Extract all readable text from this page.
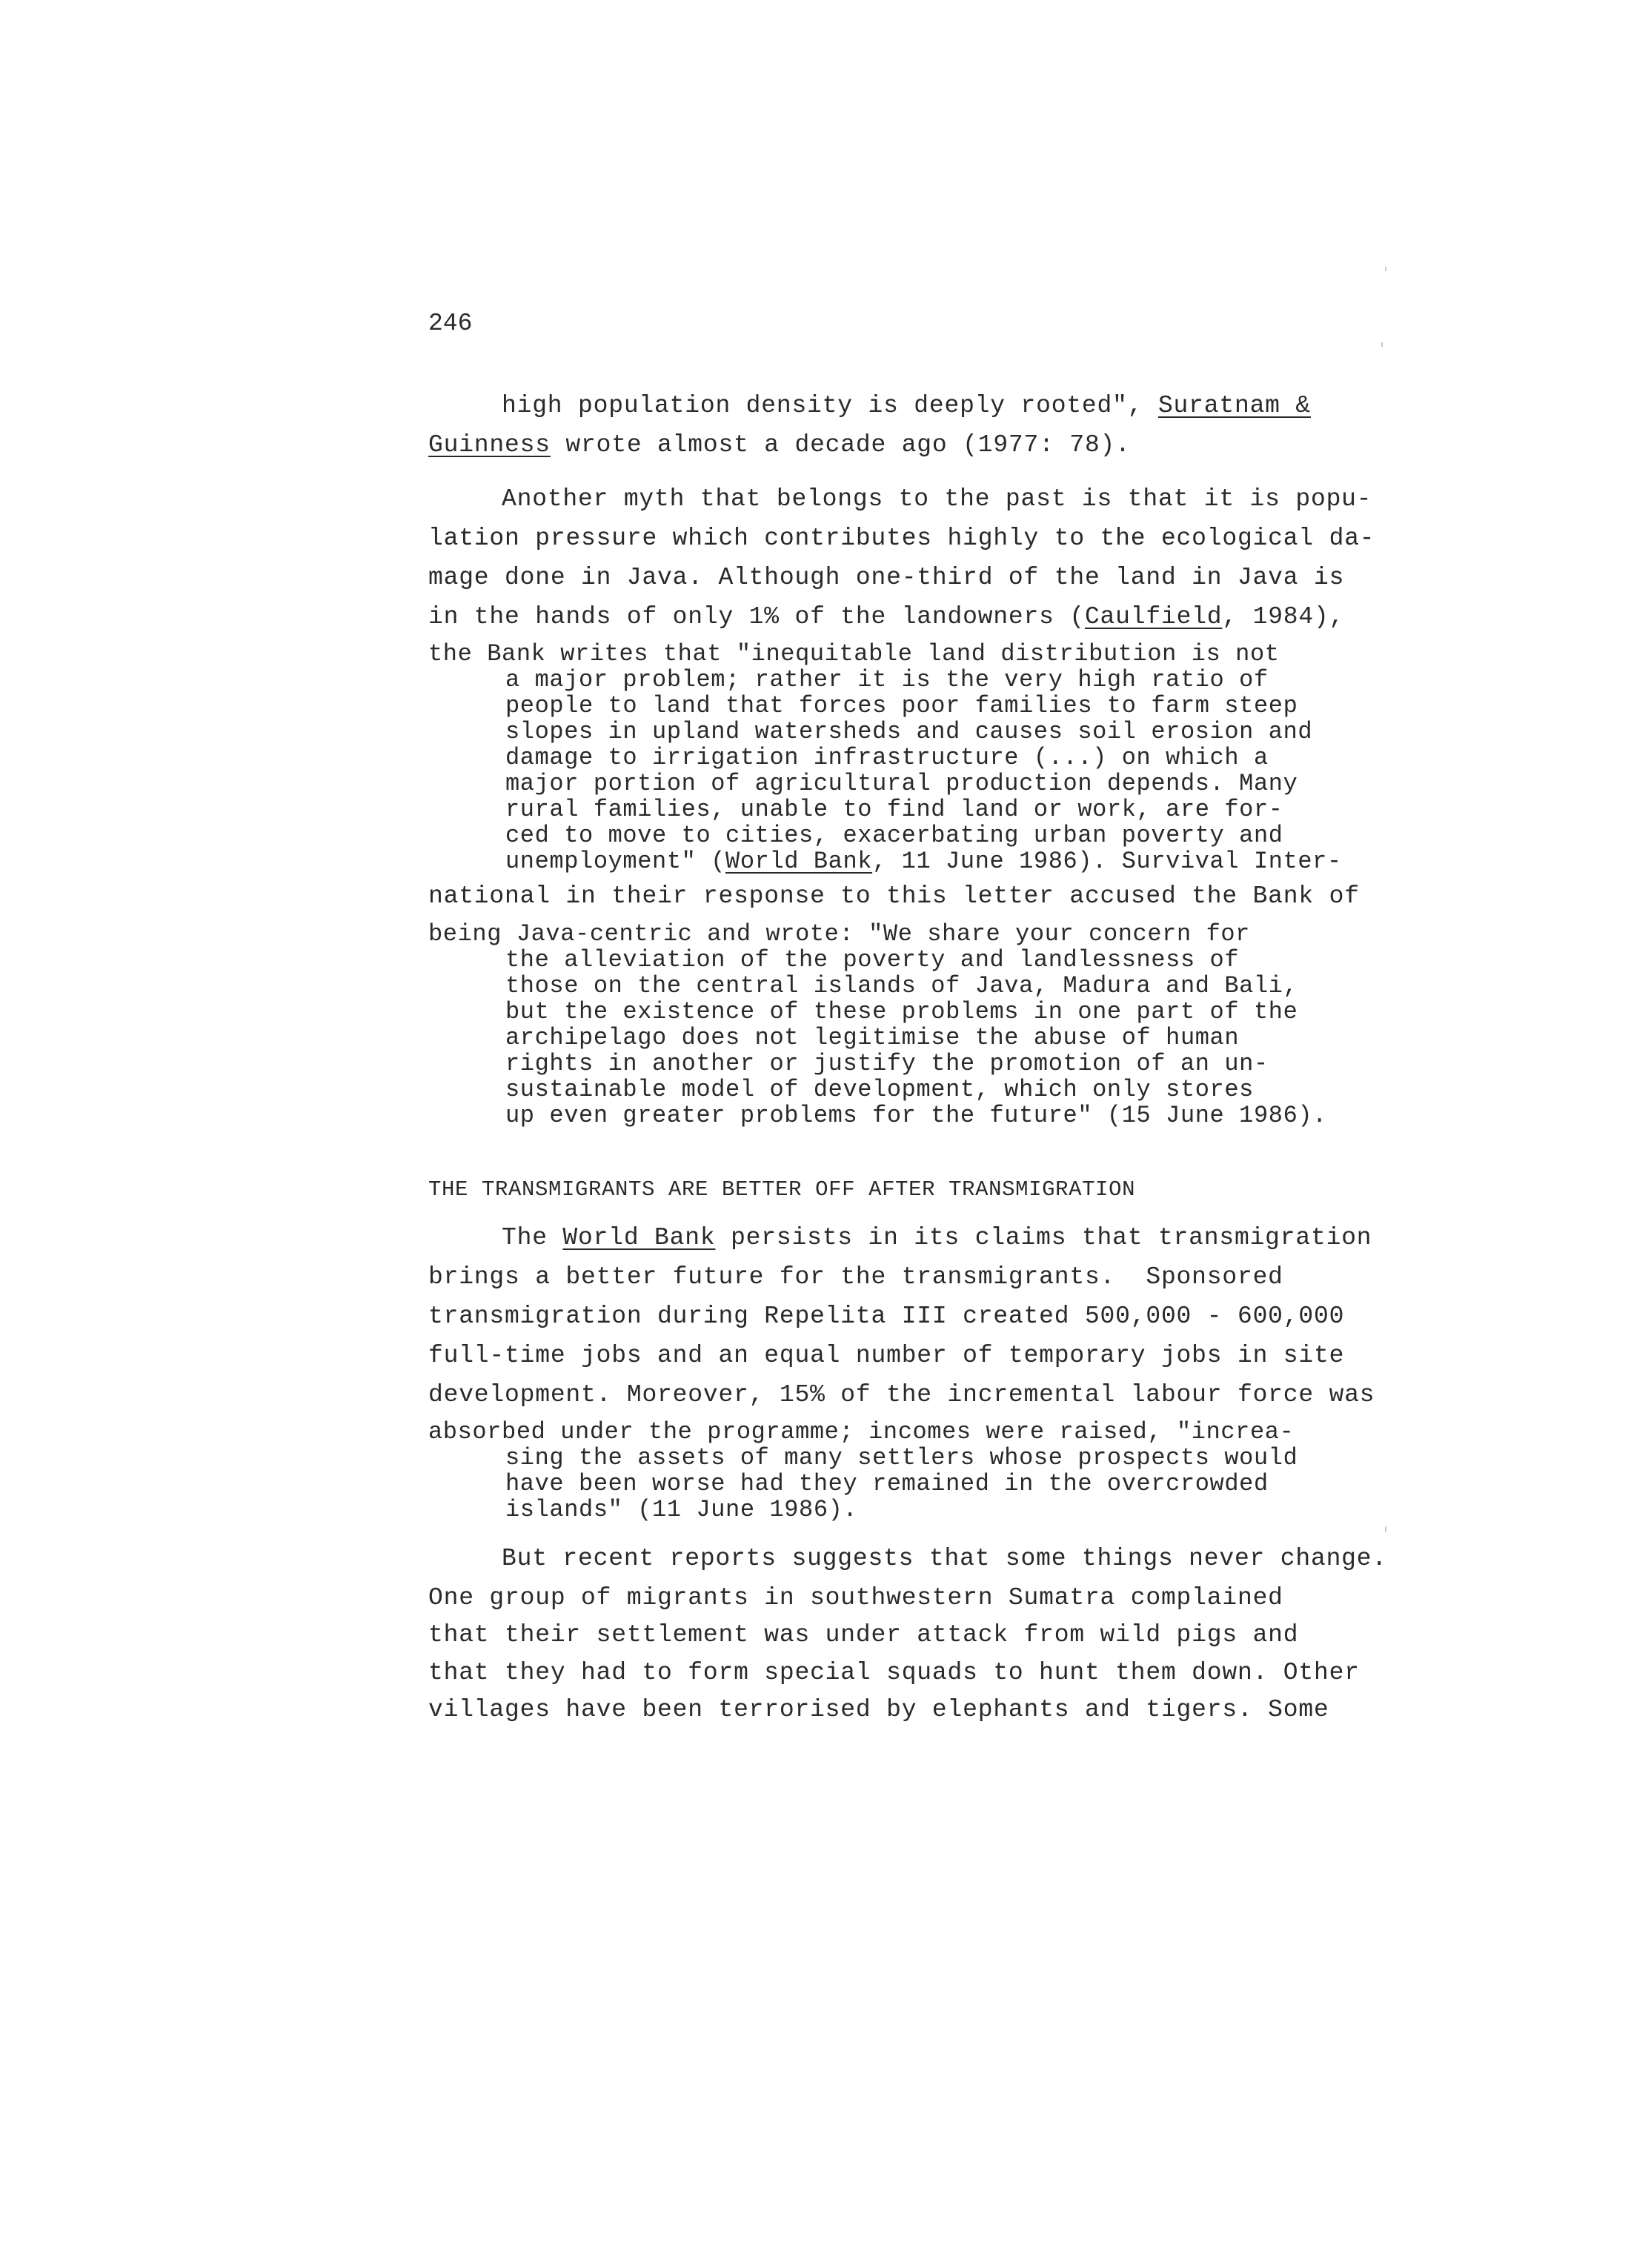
246
high population density is deeply rooted", Suratnam &
Guinness wrote almost a decade ago (1977: 78).
Another myth that belongs to the past is that it is popu-
lation pressure which contributes highly to the ecological da-
mage done in Java. Although one-third of the land in Java is
in the hands of only 1% of the landowners (Caulfield, 1984),
the Bank writes that "inequitable land distribution is not
a major problem; rather it is the very high ratio of
people to land that forces poor families to farm steep
slopes in upland watersheds and causes soil erosion and
damage to irrigation infrastructure (...) on which a
major portion of agricultural production depends. Many
rural families, unable to find land or work, are for-
ced to move to cities, exacerbating urban poverty and
unemployment" (World Bank, 11 June 1986). Survival Inter-
national in their response to this letter accused the Bank of
being Java-centric and wrote: "We share your concern for
the alleviation of the poverty and landlessness of
those on the central islands of Java, Madura and Bali,
but the existence of these problems in one part of the
archipelago does not legitimise the abuse of human
rights in another or justify the promotion of an un-
sustainable model of development, which only stores
up even greater problems for the future" (15 June 1986).
THE TRANSMIGRANTS ARE BETTER OFF AFTER TRANSMIGRATION
The World Bank persists in its claims that transmigration
brings a better future for the transmigrants.  Sponsored
transmigration during Repelita III created 500,000 - 600,000
full-time jobs and an equal number of temporary jobs in site
development. Moreover, 15% of the incremental labour force was
absorbed under the programme; incomes were raised, "increa-
sing the assets of many settlers whose prospects would
have been worse had they remained in the overcrowded
islands" (11 June 1986).
But recent reports suggests that some things never change.
One group of migrants in southwestern Sumatra complained
that their settlement was under attack from wild pigs and
that they had to form special squads to hunt them down. Other
villages have been terrorised by elephants and tigers. Some
